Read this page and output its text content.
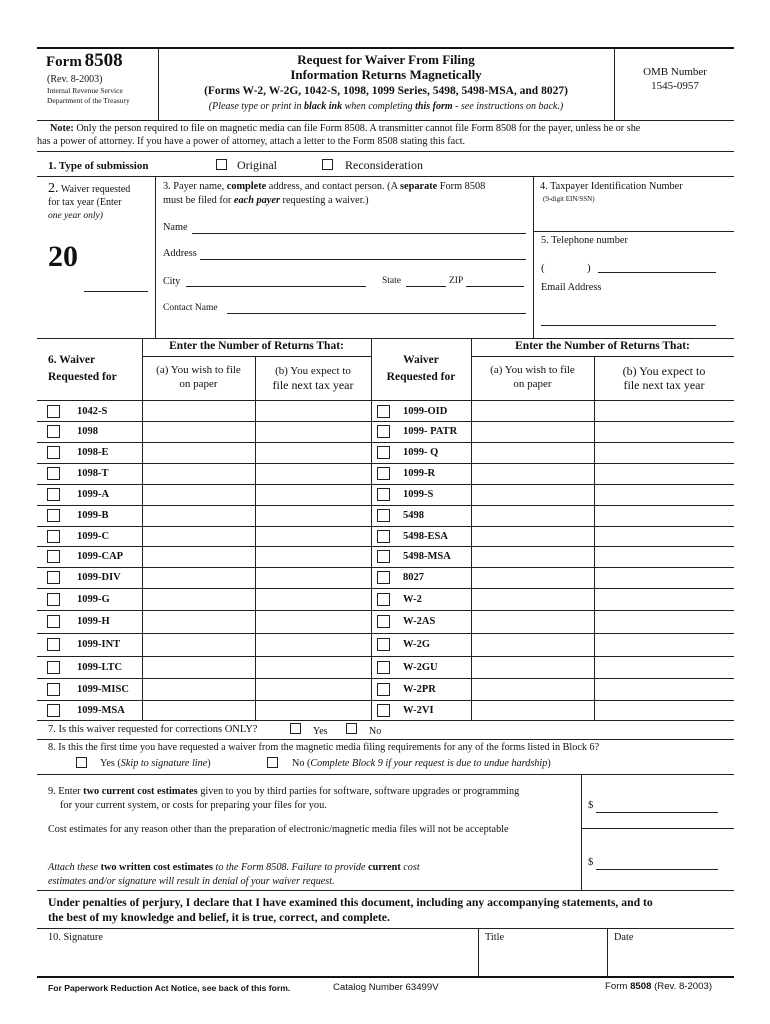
Form 8508
(Rev. 8-2003)
Internal Revenue Service
Department of the Treasury
Request for Waiver From Filing
Information Returns Magnetically
(Forms W-2, W-2G, 1042-S, 1098, 1099 Series, 5498, 5498-MSA, and 8027)
(Please type or print in black ink when completing this form - see instructions on back.)
OMB Number
1545-0957
Note: Only the person required to file on magnetic media can file Form 8508. A transmitter cannot file Form 8508 for the payer, unless he or she
has a power of attorney. If you have a power of attorney, attach a letter to the Form 8508 stating this fact.
1. Type of submission	Original	Reconsideration
2. Waiver requested
for tax year (Enter
one year only)
20
3. Payer name, complete address, and contact person. (A separate Form 8508
must be filed for each payer requesting a waiver.)
Name
Address
City	State	ZIP
Contact Name
4. Taxpayer Identification Number
(9-digit EIN/SSN)
5. Telephone number
(	)
Email Address
Enter the Number of Returns That:	Enter the Number of Returns That:
6. Waiver
Requested for
Waiver
Requested for
(a) You wish to file
on paper
(b) You expect to
file next tax year
(a) You wish to file
on paper
(b) You expect to
file next tax year
1042-S	1099-OID
1098	1099- PATR
1098-E	1099- Q
1098-T	1099-R
1099-A	1099-S
1099-B	5498
1099-C	5498-ESA
1099-CAP	5498-MSA
1099-DIV	8027
1099-G	W-2
1099-H	W-2AS
1099-INT	W-2G
1099-LTC	W-2GU
1099-MISC	W-2PR
1099-MSA	W-2VI
7. Is this waiver requested for corrections ONLY?	Yes	No
8. Is this the first time you have requested a waiver from the magnetic media filing requirements for any of the forms listed in Block 6?
Yes (Skip to signature line)	No (Complete Block 9 if your request is due to undue hardship)
9. Enter two current cost estimates given to you by third parties for software, software upgrades or programming
for your current system, or costs for preparing your files for you.
Cost estimates for any reason other than the preparation of electronic/magnetic media files will not be acceptable
Attach these two written cost estimates to the Form 8508. Failure to provide current cost
estimates and/or signature will result in denial of your waiver request.
$
$
Under penalties of perjury, I declare that I have examined this document, including any accompanying statements, and to
the best of my knowledge and belief, it is true, correct, and complete.
10. Signature	Title	Date
For Paperwork Reduction Act Notice, see back of this form.	Catalog Number 63499V	Form 8508 (Rev. 8-2003)
